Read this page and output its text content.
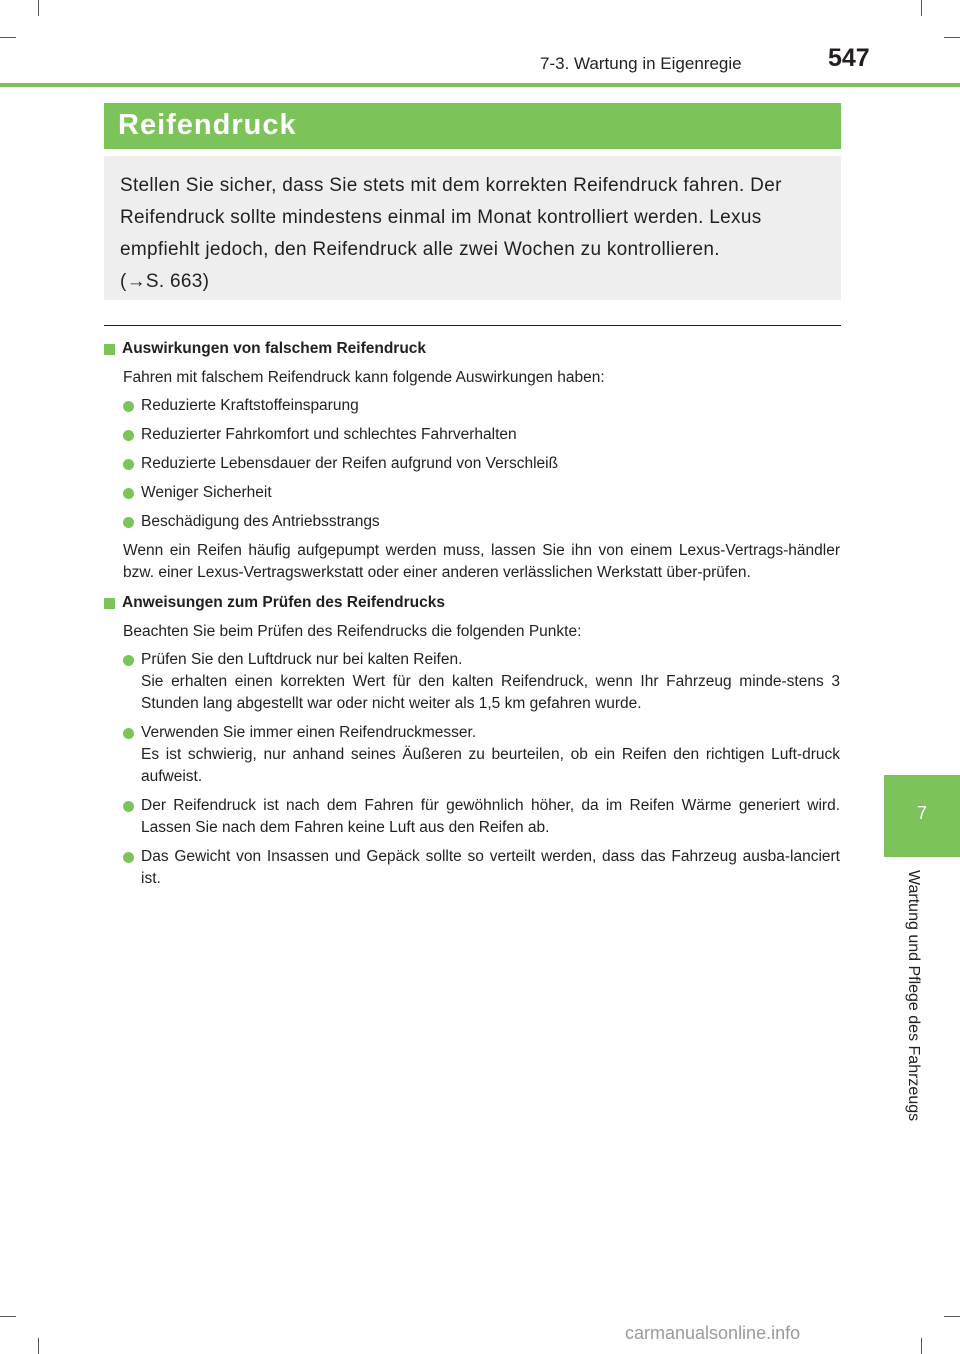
7-3. Wartung in Eigenregie	547
Reifendruck
Stellen Sie sicher, dass Sie stets mit dem korrekten Reifendruck fahren. Der
Reifendruck sollte mindestens einmal im Monat kontrolliert werden. Lexus
empfiehlt jedoch, den Reifendruck alle zwei Wochen zu kontrollieren.
(→S. 663)
Auswirkungen von falschem Reifendruck
Fahren mit falschem Reifendruck kann folgende Auswirkungen haben:
Reduzierte Kraftstoffeinsparung
Reduzierter Fahrkomfort und schlechtes Fahrverhalten
Reduzierte Lebensdauer der Reifen aufgrund von Verschleiß
Weniger Sicherheit
Beschädigung des Antriebsstrangs
Wenn ein Reifen häufig aufgepumpt werden muss, lassen Sie ihn von einem Lexus-Vertrags-händler bzw. einer Lexus-Vertragswerkstatt oder einer anderen verlässlichen Werkstatt über-prüfen.
Anweisungen zum Prüfen des Reifendrucks
Beachten Sie beim Prüfen des Reifendrucks die folgenden Punkte:
Prüfen Sie den Luftdruck nur bei kalten Reifen.
Sie erhalten einen korrekten Wert für den kalten Reifendruck, wenn Ihr Fahrzeug minde-stens 3 Stunden lang abgestellt war oder nicht weiter als 1,5 km gefahren wurde.
Verwenden Sie immer einen Reifendruckmesser.
Es ist schwierig, nur anhand seines Äußeren zu beurteilen, ob ein Reifen den richtigen Luft-druck aufweist.
Der Reifendruck ist nach dem Fahren für gewöhnlich höher, da im Reifen Wärme generiert wird. Lassen Sie nach dem Fahren keine Luft aus den Reifen ab.
Das Gewicht von Insassen und Gepäck sollte so verteilt werden, dass das Fahrzeug ausba-lanciert ist.
7
Wartung und Pflege des Fahrzeugs
carmanualsonline.info
